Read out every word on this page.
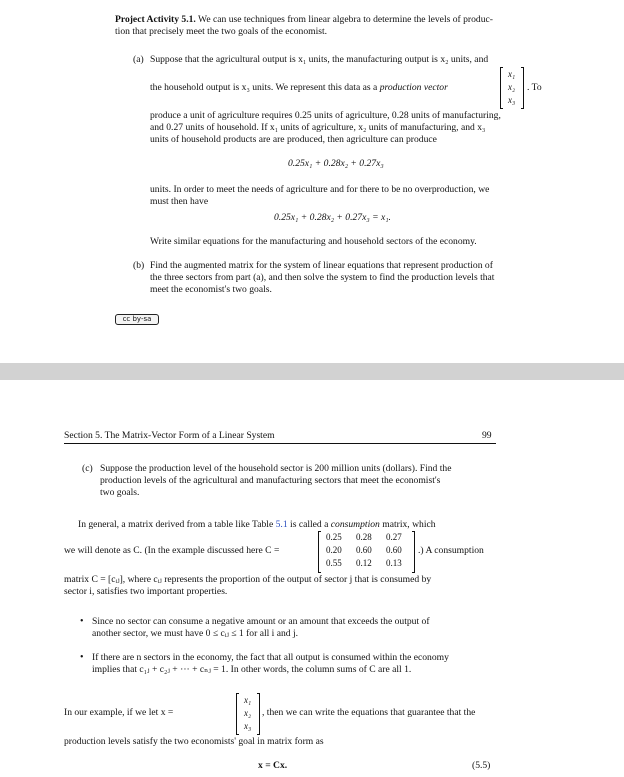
Project Activity 5.1. We can use techniques from linear algebra to determine the levels of produc-

tion that precisely meet the two goals of the economist.

(a) Suppose that the agricultural output is x₁ units, the manufacturing output is x₂ units, and

the household output is x₃ units. We represent this data as a production vector

x₁

x₂

x₃

. To

produce a unit of agriculture requires 0.25 units of agriculture, 0.28 units of manufacturing,

and 0.27 units of household. If x₁ units of agriculture, x₂ units of manufacturing, and x₃

units of household products are are produced, then agriculture can produce

0.25x₁ + 0.28x₂ + 0.27x₃

units. In order to meet the needs of agriculture and for there to be no overproduction, we

must then have

0.25x₁ + 0.28x₂ + 0.27x₃ = x₁.

Write similar equations for the manufacturing and household sectors of the economy.

(b) Find the augmented matrix for the system of linear equations that represent production of

the three sectors from part (a), and then solve the system to find the production levels that

meet the economist's two goals.

cc by-sa

Section 5. The Matrix-Vector Form of a Linear System	99

(c) Suppose the production level of the household sector is 200 million units (dollars). Find the

production levels of the agricultural and manufacturing sectors that meet the economist's

two goals.

In general, a matrix derived from a table like Table 5.1 is called a consumption matrix, which

we will denote as C. (In the example discussed here C =

0.25 0.28 0.27

0.20 0.60 0.60

0.55 0.12 0.13

.) A consumption

matrix C = [cᵢⱼ], where cᵢⱼ represents the proportion of the output of sector j that is consumed by

sector i, satisfies two important properties.

• Since no sector can consume a negative amount or an amount that exceeds the output of

another sector, we must have 0 ≤ cᵢⱼ ≤ 1 for all i and j.

• If there are n sectors in the economy, the fact that all output is consumed within the economy

implies that c₁ⱼ + c₂ⱼ + ··· + cₙⱼ = 1. In other words, the column sums of C are all 1.

In our example, if we let x =

x₁

x₂

x₃

, then we can write the equations that guarantee that the

production levels satisfy the two economists' goal in matrix form as

x = Cx.	(5.5)
